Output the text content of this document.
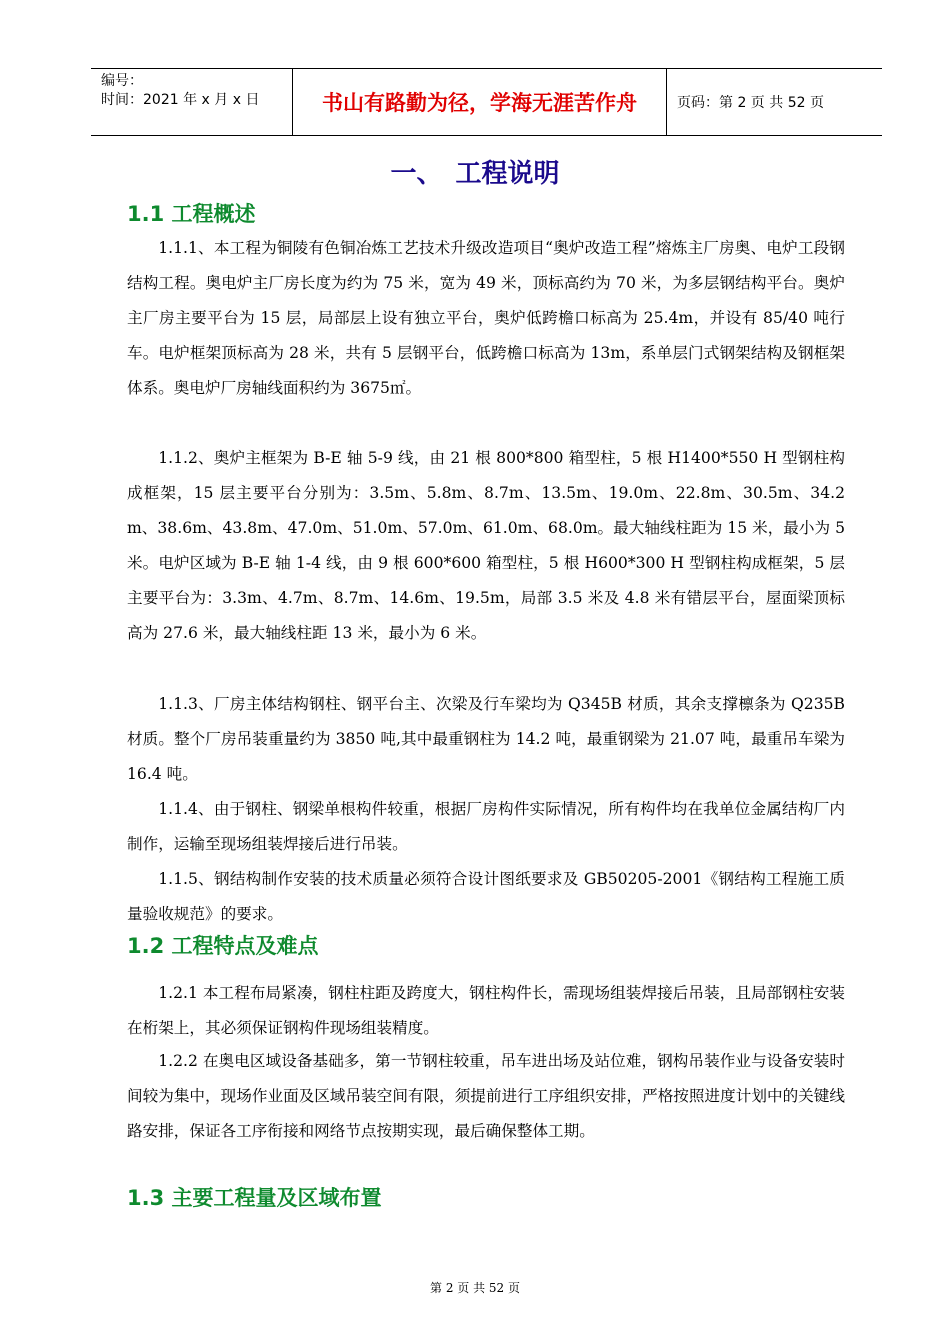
编号：
时间：2021 年 x 月 x 日	书山有路勤为径，学海无涯苦作舟	页码：第 2 页 共 52 页
一、　工程说明
1.1 工程概述

1.1.1、本工程为铜陵有色铜冶炼工艺技术升级改造项目“奥炉改造工程”熔炼主厂房奥、电炉工段钢结构工程。奥电炉主厂房长度为约为 75 米，宽为 49 米，顶标高约为 70 米，为多层钢结构平台。奥炉主厂房主要平台为 15 层，局部层上设有独立平台，奥炉低跨檐口标高为 25.4m，并设有 85/40 吨行车。电炉框架顶标高为 28 米，共有 5 层钢平台，低跨檐口标高为 13m，系单层门式钢架结构及钢框架体系。奥电炉厂房轴线面积约为 3675㎡。

1.1.2、奥炉主框架为 B-E 轴 5-9 线，由 21 根 800*800 箱型柱，5 根 H1400*550 H 型钢柱构成框架，15 层主要平台分别为：3.5m、5.8m、8.7m、13.5m、19.0m、22.8m、30.5m、34.2m、38.6m、43.8m、47.0m、51.0m、57.0m、61.0m、68.0m。最大轴线柱距为 15 米，最小为 5 米。电炉区域为 B-E 轴 1-4 线，由 9 根 600*600 箱型柱，5 根 H600*300 H 型钢柱构成框架，5 层主要平台为：3.3m、4.7m、8.7m、14.6m、19.5m，局部 3.5 米及 4.8 米有错层平台，屋面梁顶标高为 27.6 米，最大轴线柱距 13 米，最小为 6 米。

1.1.3、厂房主体结构钢柱、钢平台主、次梁及行车梁均为 Q345B 材质，其余支撑檩条为 Q235B 材质。整个厂房吊装重量约为 3850 吨,其中最重钢柱为 14.2 吨，最重钢梁为 21.07 吨，最重吊车梁为 16.4 吨。

1.1.4、由于钢柱、钢梁单根构件较重，根据厂房构件实际情况，所有构件均在我单位金属结构厂内制作，运输至现场组装焊接后进行吊装。

1.1.5、钢结构制作安装的技术质量必须符合设计图纸要求及 GB50205-2001《钢结构工程施工质量验收规范》的要求。

1.2 工程特点及难点

1.2.1 本工程布局紧凑，钢柱柱距及跨度大，钢柱构件长，需现场组装焊接后吊装，且局部钢柱安装在桁架上，其必须保证钢构件现场组装精度。

1.2.2 在奥电区域设备基础多，第一节钢柱较重，吊车进出场及站位难，钢构吊装作业与设备安装时间较为集中，现场作业面及区域吊装空间有限，须提前进行工序组织安排，严格按照进度计划中的关键线路安排，保证各工序衔接和网络节点按期实现，最后确保整体工期。

1.3 主要工程量及区域布置
第 2 页 共 52 页
